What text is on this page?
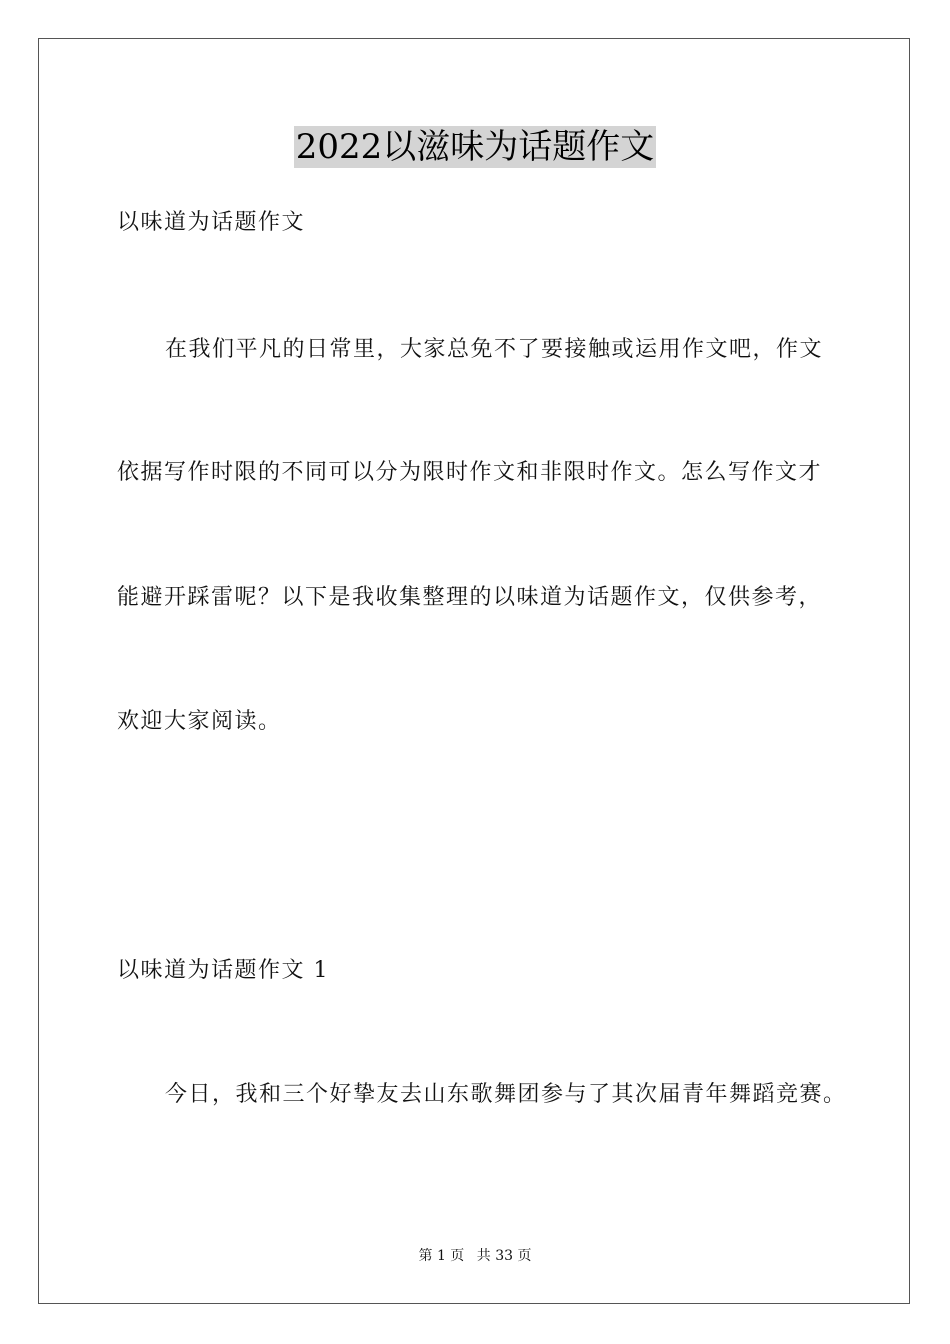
2022以滋味为话题作文
以味道为话题作文
在我们平凡的日常里，大家总免不了要接触或运用作文吧，作文
依据写作时限的不同可以分为限时作文和非限时作文。怎么写作文才
能避开踩雷呢？以下是我收集整理的以味道为话题作文，仅供参考，
欢迎大家阅读。
以味道为话题作文 1
今日，我和三个好挚友去山东歌舞团参与了其次届青年舞蹈竞赛。
第 1 页 共 33 页
